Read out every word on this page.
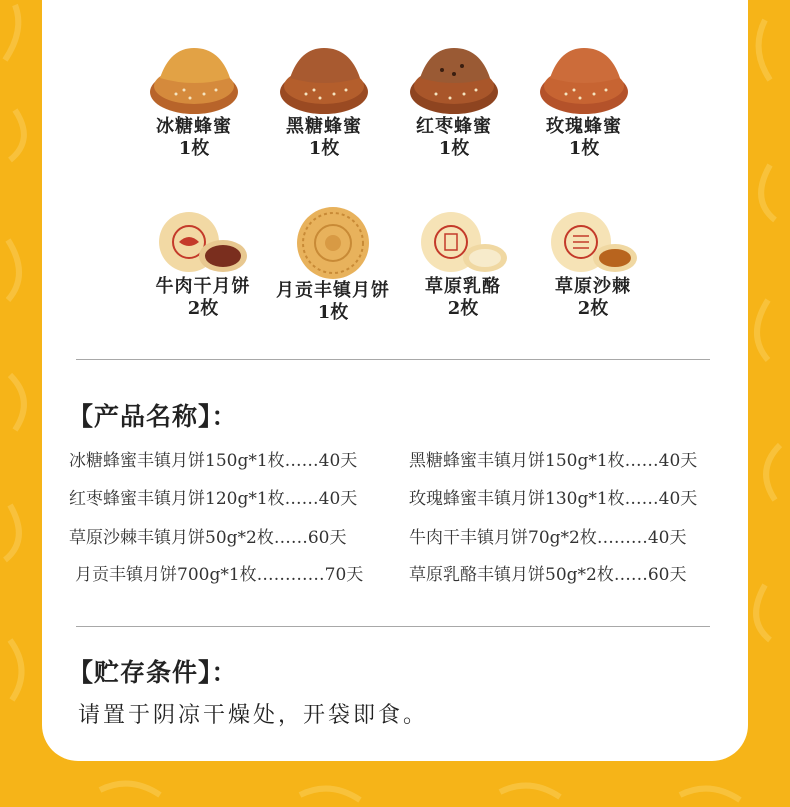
冰糖蜂蜜
1枚
黑糖蜂蜜
1枚
红枣蜂蜜
1枚
玫瑰蜂蜜
1枚
牛肉干月饼
2枚
月贡丰镇月饼
1枚
草原乳酪
2枚
草原沙棘
2枚
【产品名称】：
冰糖蜂蜜丰镇月饼150g*1枚……40天	黑糖蜂蜜丰镇月饼150g*1枚……40天
红枣蜂蜜丰镇月饼120g*1枚……40天	玫瑰蜂蜜丰镇月饼130g*1枚……40天
草原沙棘丰镇月饼50g*2枚……60天	牛肉干丰镇月饼70g*2枚………40天
月贡丰镇月饼700g*1枚…………70天	草原乳酪丰镇月饼50g*2枚……60天
【贮存条件】：
请置于阴凉干燥处，开袋即食。
